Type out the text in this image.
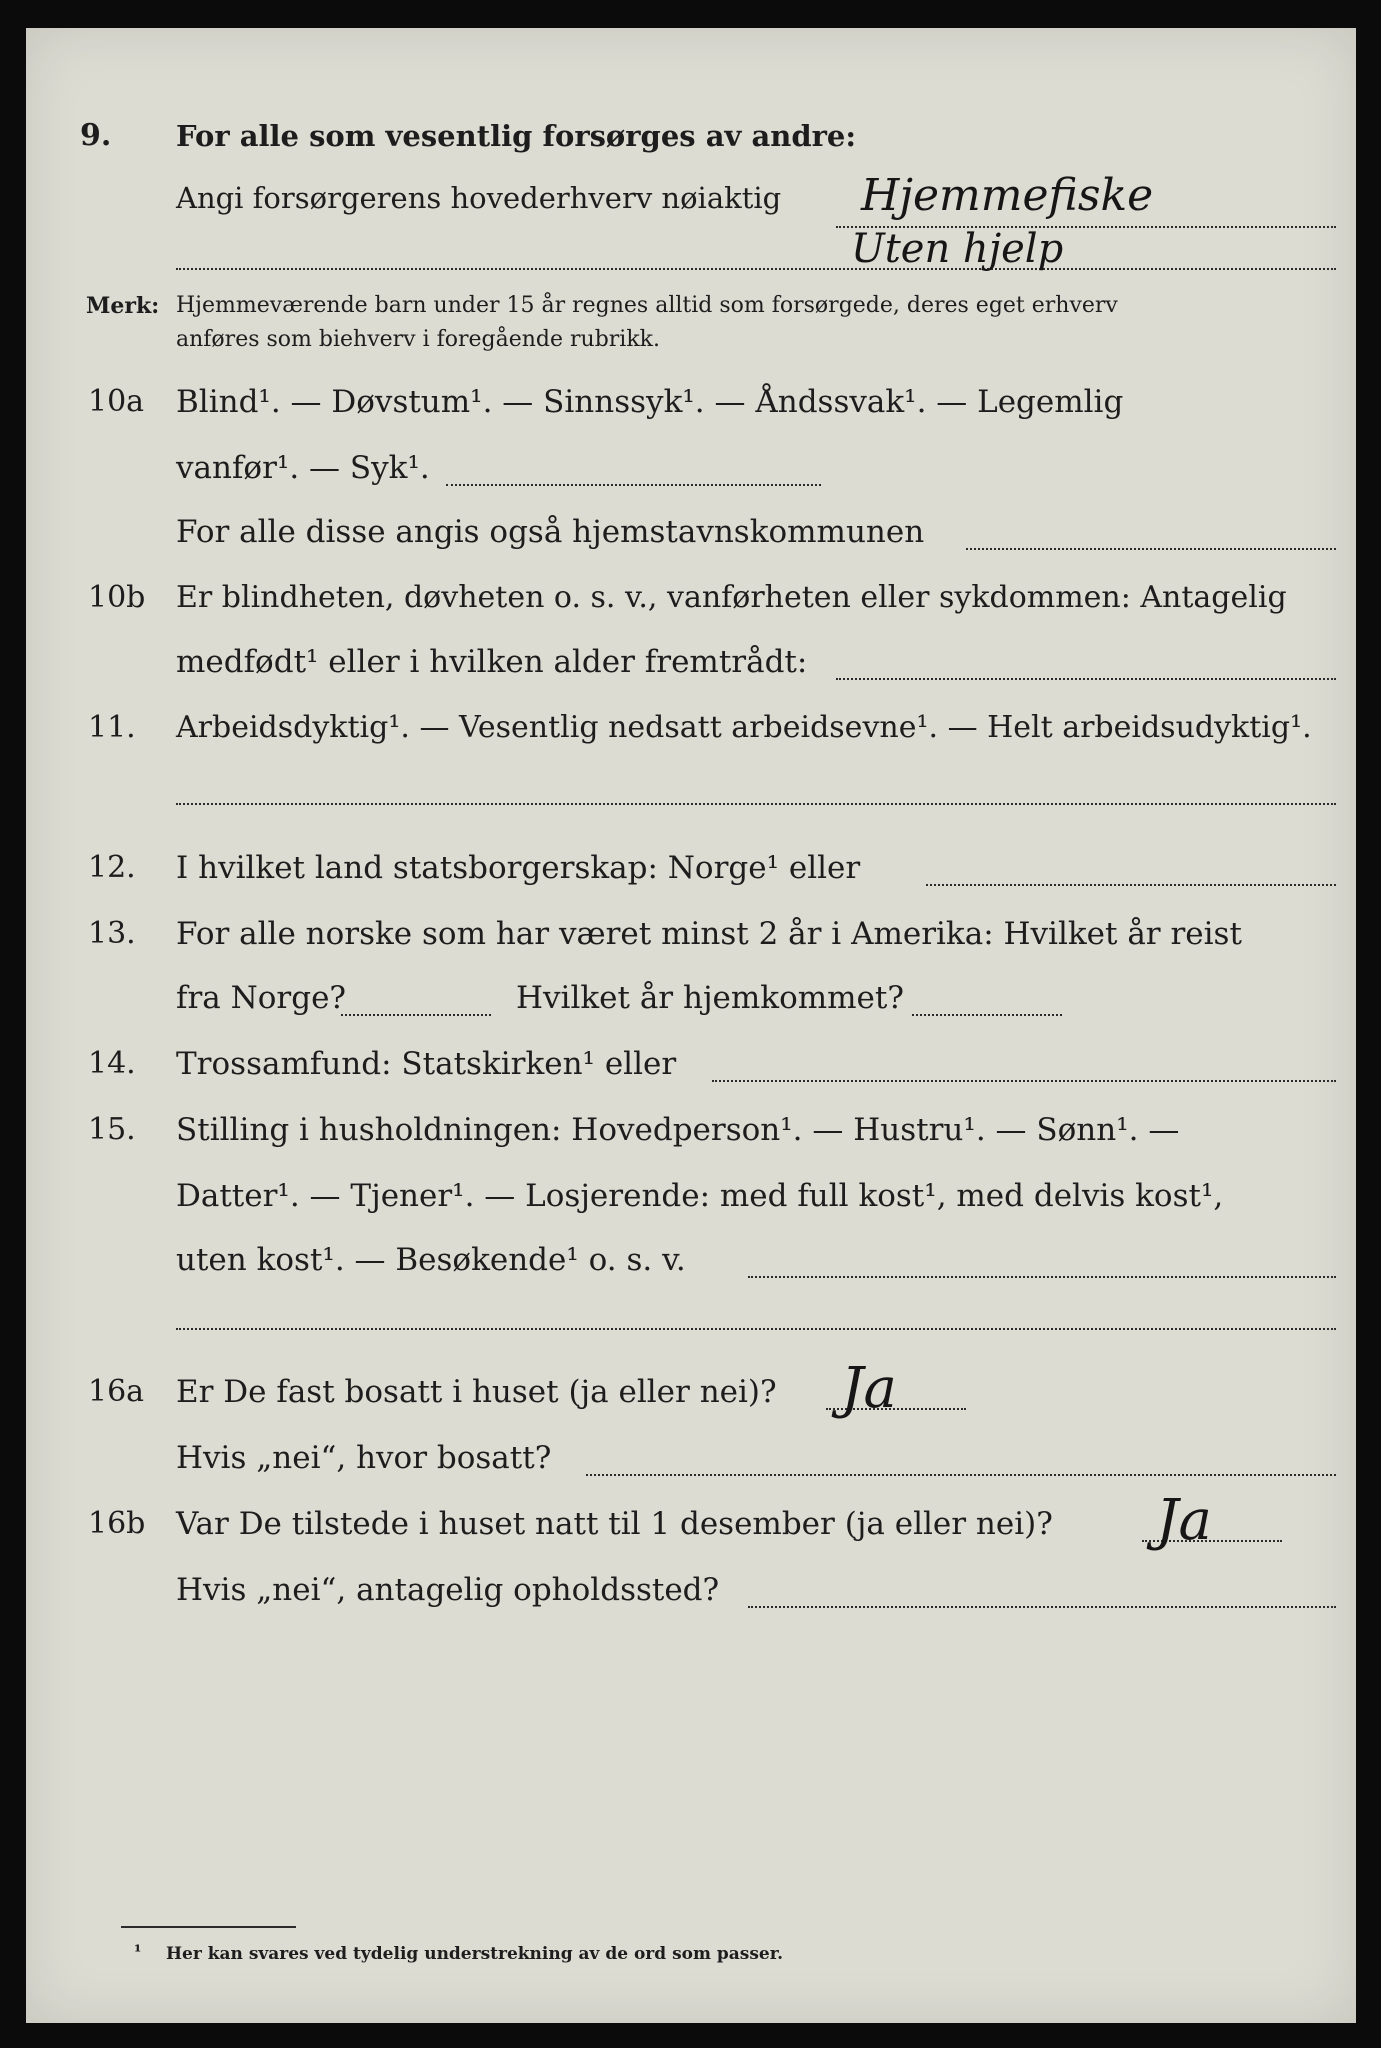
9. For alle som vesentlig forsørges av andre:
Angi forsørgerens hovederhverv nøiaktig Hjemmefiske
Uten hjelp
Merk: Hjemmeværende barn under 15 år regnes alltid som forsørgede, deres eget erhverv
anføres som biehverv i foregående rubrikk.
10a Blind¹. — Døvstum¹. — Sinnssyk¹. — Åndssvak¹. — Legemlig
vanfør¹. — Syk¹.
For alle disse angis også hjemstavnskommunen
10b Er blindheten, døvheten o. s. v., vanførheten eller sykdommen: Antagelig
medfødt¹ eller i hvilken alder fremtrådt:
11. Arbeidsdyktig¹. — Vesentlig nedsatt arbeidsevne¹. — Helt arbeidsudyktig¹.
12. I hvilket land statsborgerskap: Norge¹ eller
13. For alle norske som har været minst 2 år i Amerika: Hvilket år reist
fra Norge?	Hvilket år hjemkommet?
14. Trossamfund: Statskirken¹ eller
15. Stilling i husholdningen: Hovedperson¹. — Hustru¹. — Sønn¹. —
Datter¹. — Tjener¹. — Losjerende: med full kost¹, med delvis kost¹,
uten kost¹. — Besøkende¹ o. s. v.
16a Er De fast bosatt i huset (ja eller nei)? Ja
Hvis „nei“, hvor bosatt?
16b Var De tilstede i huset natt til 1 desember (ja eller nei)? Ja
Hvis „nei“, antagelig opholdssted?
¹ Her kan svares ved tydelig understrekning av de ord som passer.
